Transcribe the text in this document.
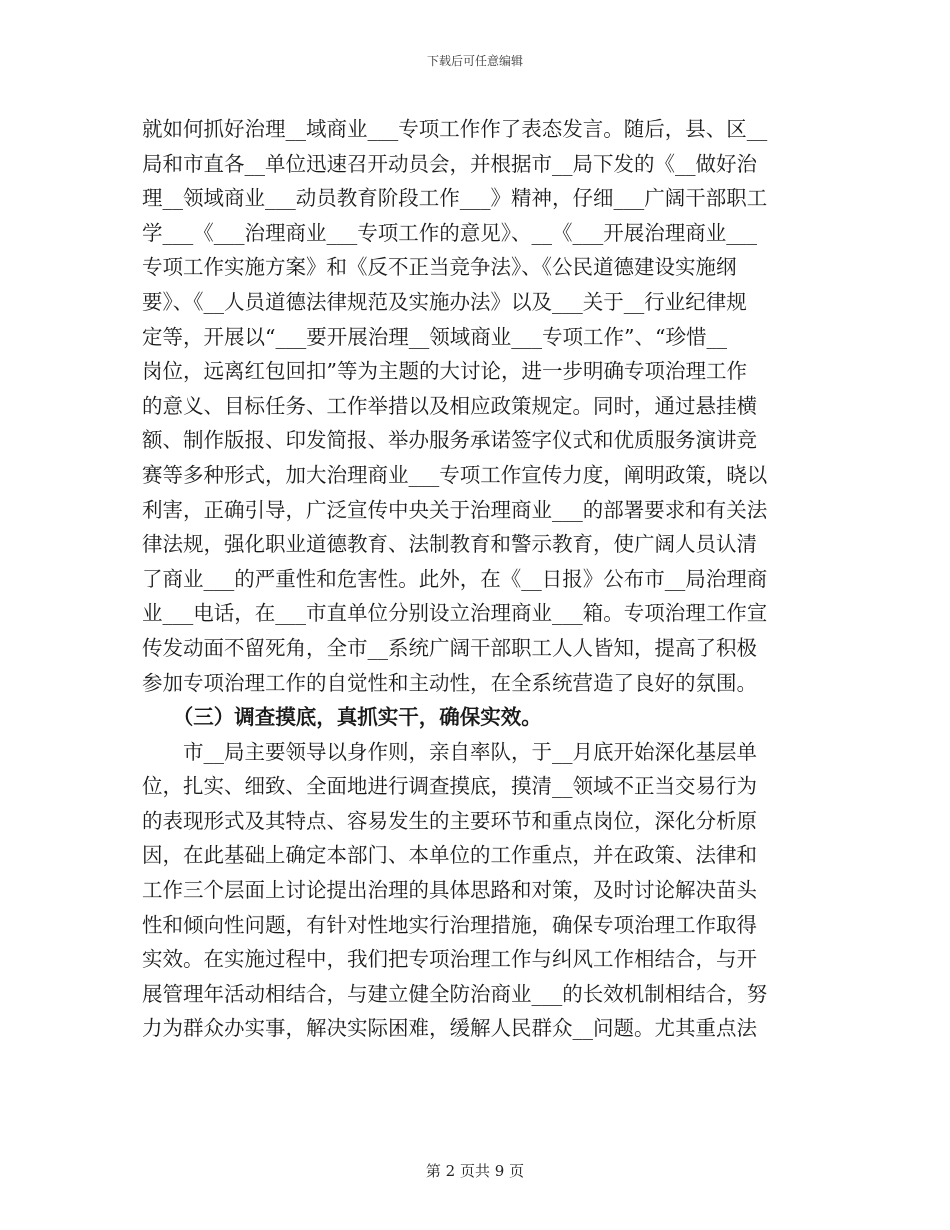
下载后可任意编辑
就如何抓好治理__域商业___专项工作作了表态发言。随后，县、区__
局和市直各__单位迅速召开动员会，并根据市__局下发的《__做好治
理__领域商业___动员教育阶段工作___》精神，仔细___广阔干部职工
学___《___治理商业___专项工作的意见》、__《___开展治理商业___
专项工作实施方案》和《反不正当竞争法》、《公民道德建设实施纲
要》、《__人员道德法律规范及实施办法》以及___关于__行业纪律规
定等，开展以“___要开展治理__领域商业___专项工作”、“珍惜__
岗位，远离红包回扣”等为主题的大讨论，进一步明确专项治理工作
的意义、目标任务、工作举措以及相应政策规定。同时，通过悬挂横
额、制作版报、印发简报、举办服务承诺签字仪式和优质服务演讲竞
赛等多种形式，加大治理商业___专项工作宣传力度，阐明政策，晓以
利害，正确引导，广泛宣传中央关于治理商业___的部署要求和有关法
律法规，强化职业道德教育、法制教育和警示教育，使广阔人员认清
了商业___的严重性和危害性。此外，在《__日报》公布市__局治理商
业___电话，在___市直单位分别设立治理商业___箱。专项治理工作宣
传发动面不留死角，全市__系统广阔干部职工人人皆知，提高了积极
参加专项治理工作的自觉性和主动性，在全系统营造了良好的氛围。
　　（三）调查摸底，真抓实干，确保实效。
　　市__局主要领导以身作则，亲自率队，于__月底开始深化基层单
位，扎实、细致、全面地进行调查摸底，摸清__领域不正当交易行为
的表现形式及其特点、容易发生的主要环节和重点岗位，深化分析原
因，在此基础上确定本部门、本单位的工作重点，并在政策、法律和
工作三个层面上讨论提出治理的具体思路和对策，及时讨论解决苗头
性和倾向性问题，有针对性地实行治理措施，确保专项治理工作取得
实效。在实施过程中，我们把专项治理工作与纠风工作相结合，与开
展管理年活动相结合，与建立健全防治商业___的长效机制相结合，努
力为群众办实事，解决实际困难，缓解人民群众__问题。尤其重点法
第 2 页共 9 页
